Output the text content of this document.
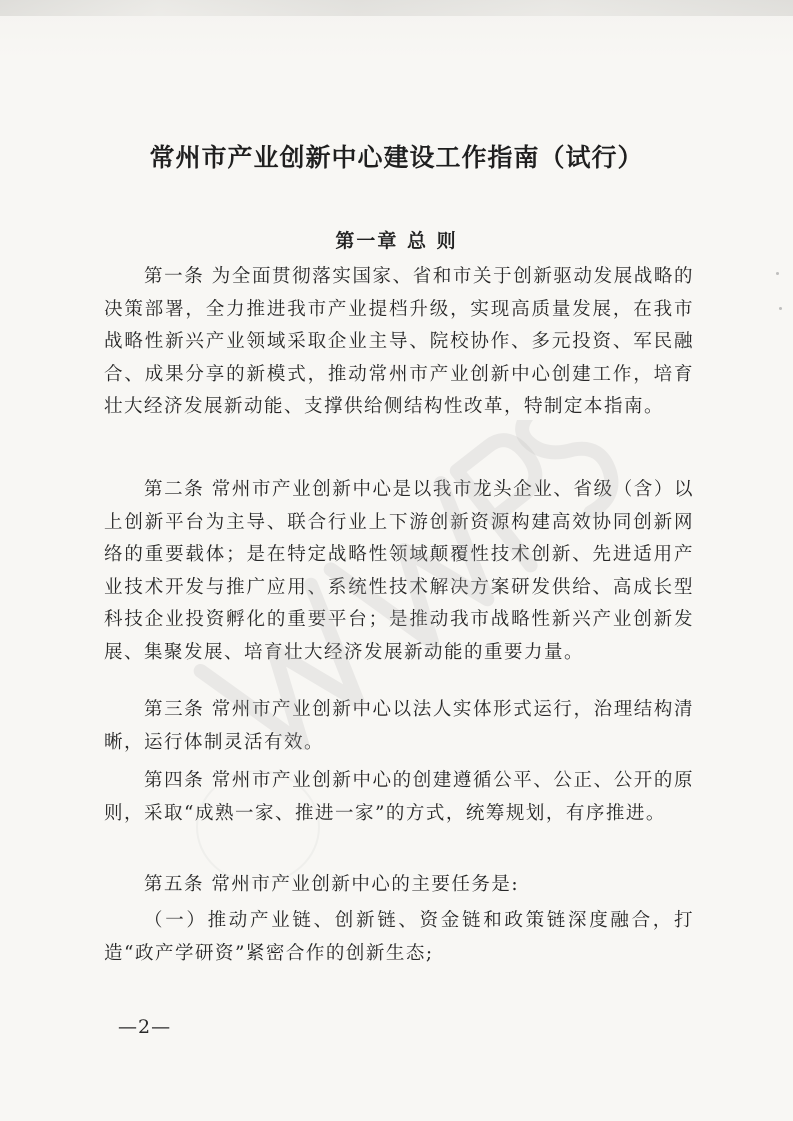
常州市产业创新中心建设工作指南（试行）
第一章 总 则

第一条 为全面贯彻落实国家、省和市关于创新驱动发展战略的决策部署，全力推进我市产业提档升级，实现高质量发展，在我市战略性新兴产业领域采取企业主导、院校协作、多元投资、军民融合、成果分享的新模式，推动常州市产业创新中心创建工作，培育壮大经济发展新动能、支撑供给侧结构性改革，特制定本指南。

第二条 常州市产业创新中心是以我市龙头企业、省级（含）以上创新平台为主导、联合行业上下游创新资源构建高效协同创新网络的重要载体；是在特定战略性领域颠覆性技术创新、先进适用产业技术开发与推广应用、系统性技术解决方案研发供给、高成长型科技企业投资孵化的重要平台；是推动我市战略性新兴产业创新发展、集聚发展、培育壮大经济发展新动能的重要力量。

第三条 常州市产业创新中心以法人实体形式运行，治理结构清晰，运行体制灵活有效。

第四条 常州市产业创新中心的创建遵循公平、公正、公开的原则，采取“成熟一家、推进一家”的方式，统筹规划，有序推进。

第五条 常州市产业创新中心的主要任务是:

（一）推动产业链、创新链、资金链和政策链深度融合，打造“政产学研资”紧密合作的创新生态;

—2—
